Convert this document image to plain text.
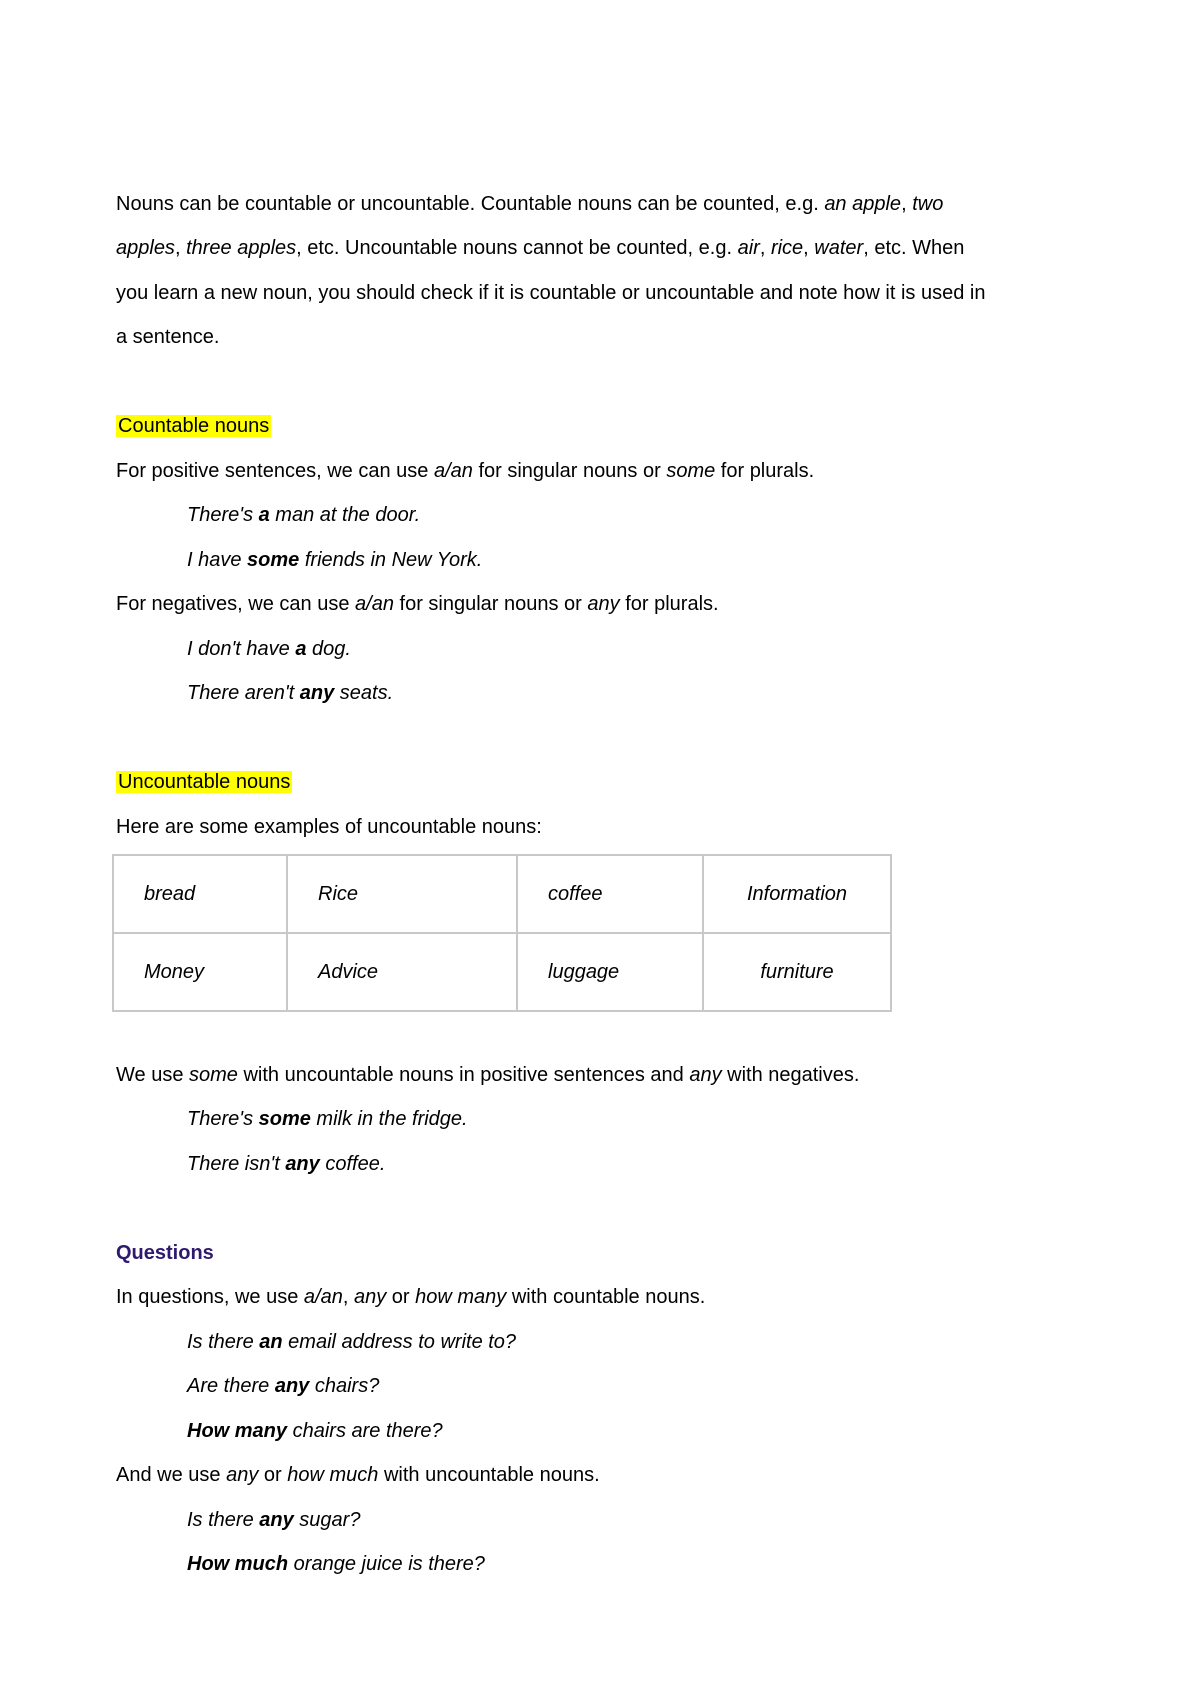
Nouns can be countable or uncountable. Countable nouns can be counted, e.g. an apple, two
apples, three apples, etc. Uncountable nouns cannot be counted, e.g. air, rice, water, etc. When
you learn a new noun, you should check if it is countable or uncountable and note how it is used in
a sentence.
Countable nouns
For positive sentences, we can use a/an for singular nouns or some for plurals.
There's a man at the door.
I have some friends in New York.
For negatives, we can use a/an for singular nouns or any for plurals.
I don't have a dog.
There aren't any seats.
Uncountable nouns
Here are some examples of uncountable nouns:
bread	Rice	coffee	Information

Money	Advice	luggage	furniture
We use some with uncountable nouns in positive sentences and any with negatives.
There's some milk in the fridge.
There isn't any coffee.
Questions
In questions, we use a/an, any or how many with countable nouns.
Is there an email address to write to?
Are there any chairs?
How many chairs are there?
And we use any or how much with uncountable nouns.
Is there any sugar?
How much orange juice is there?
